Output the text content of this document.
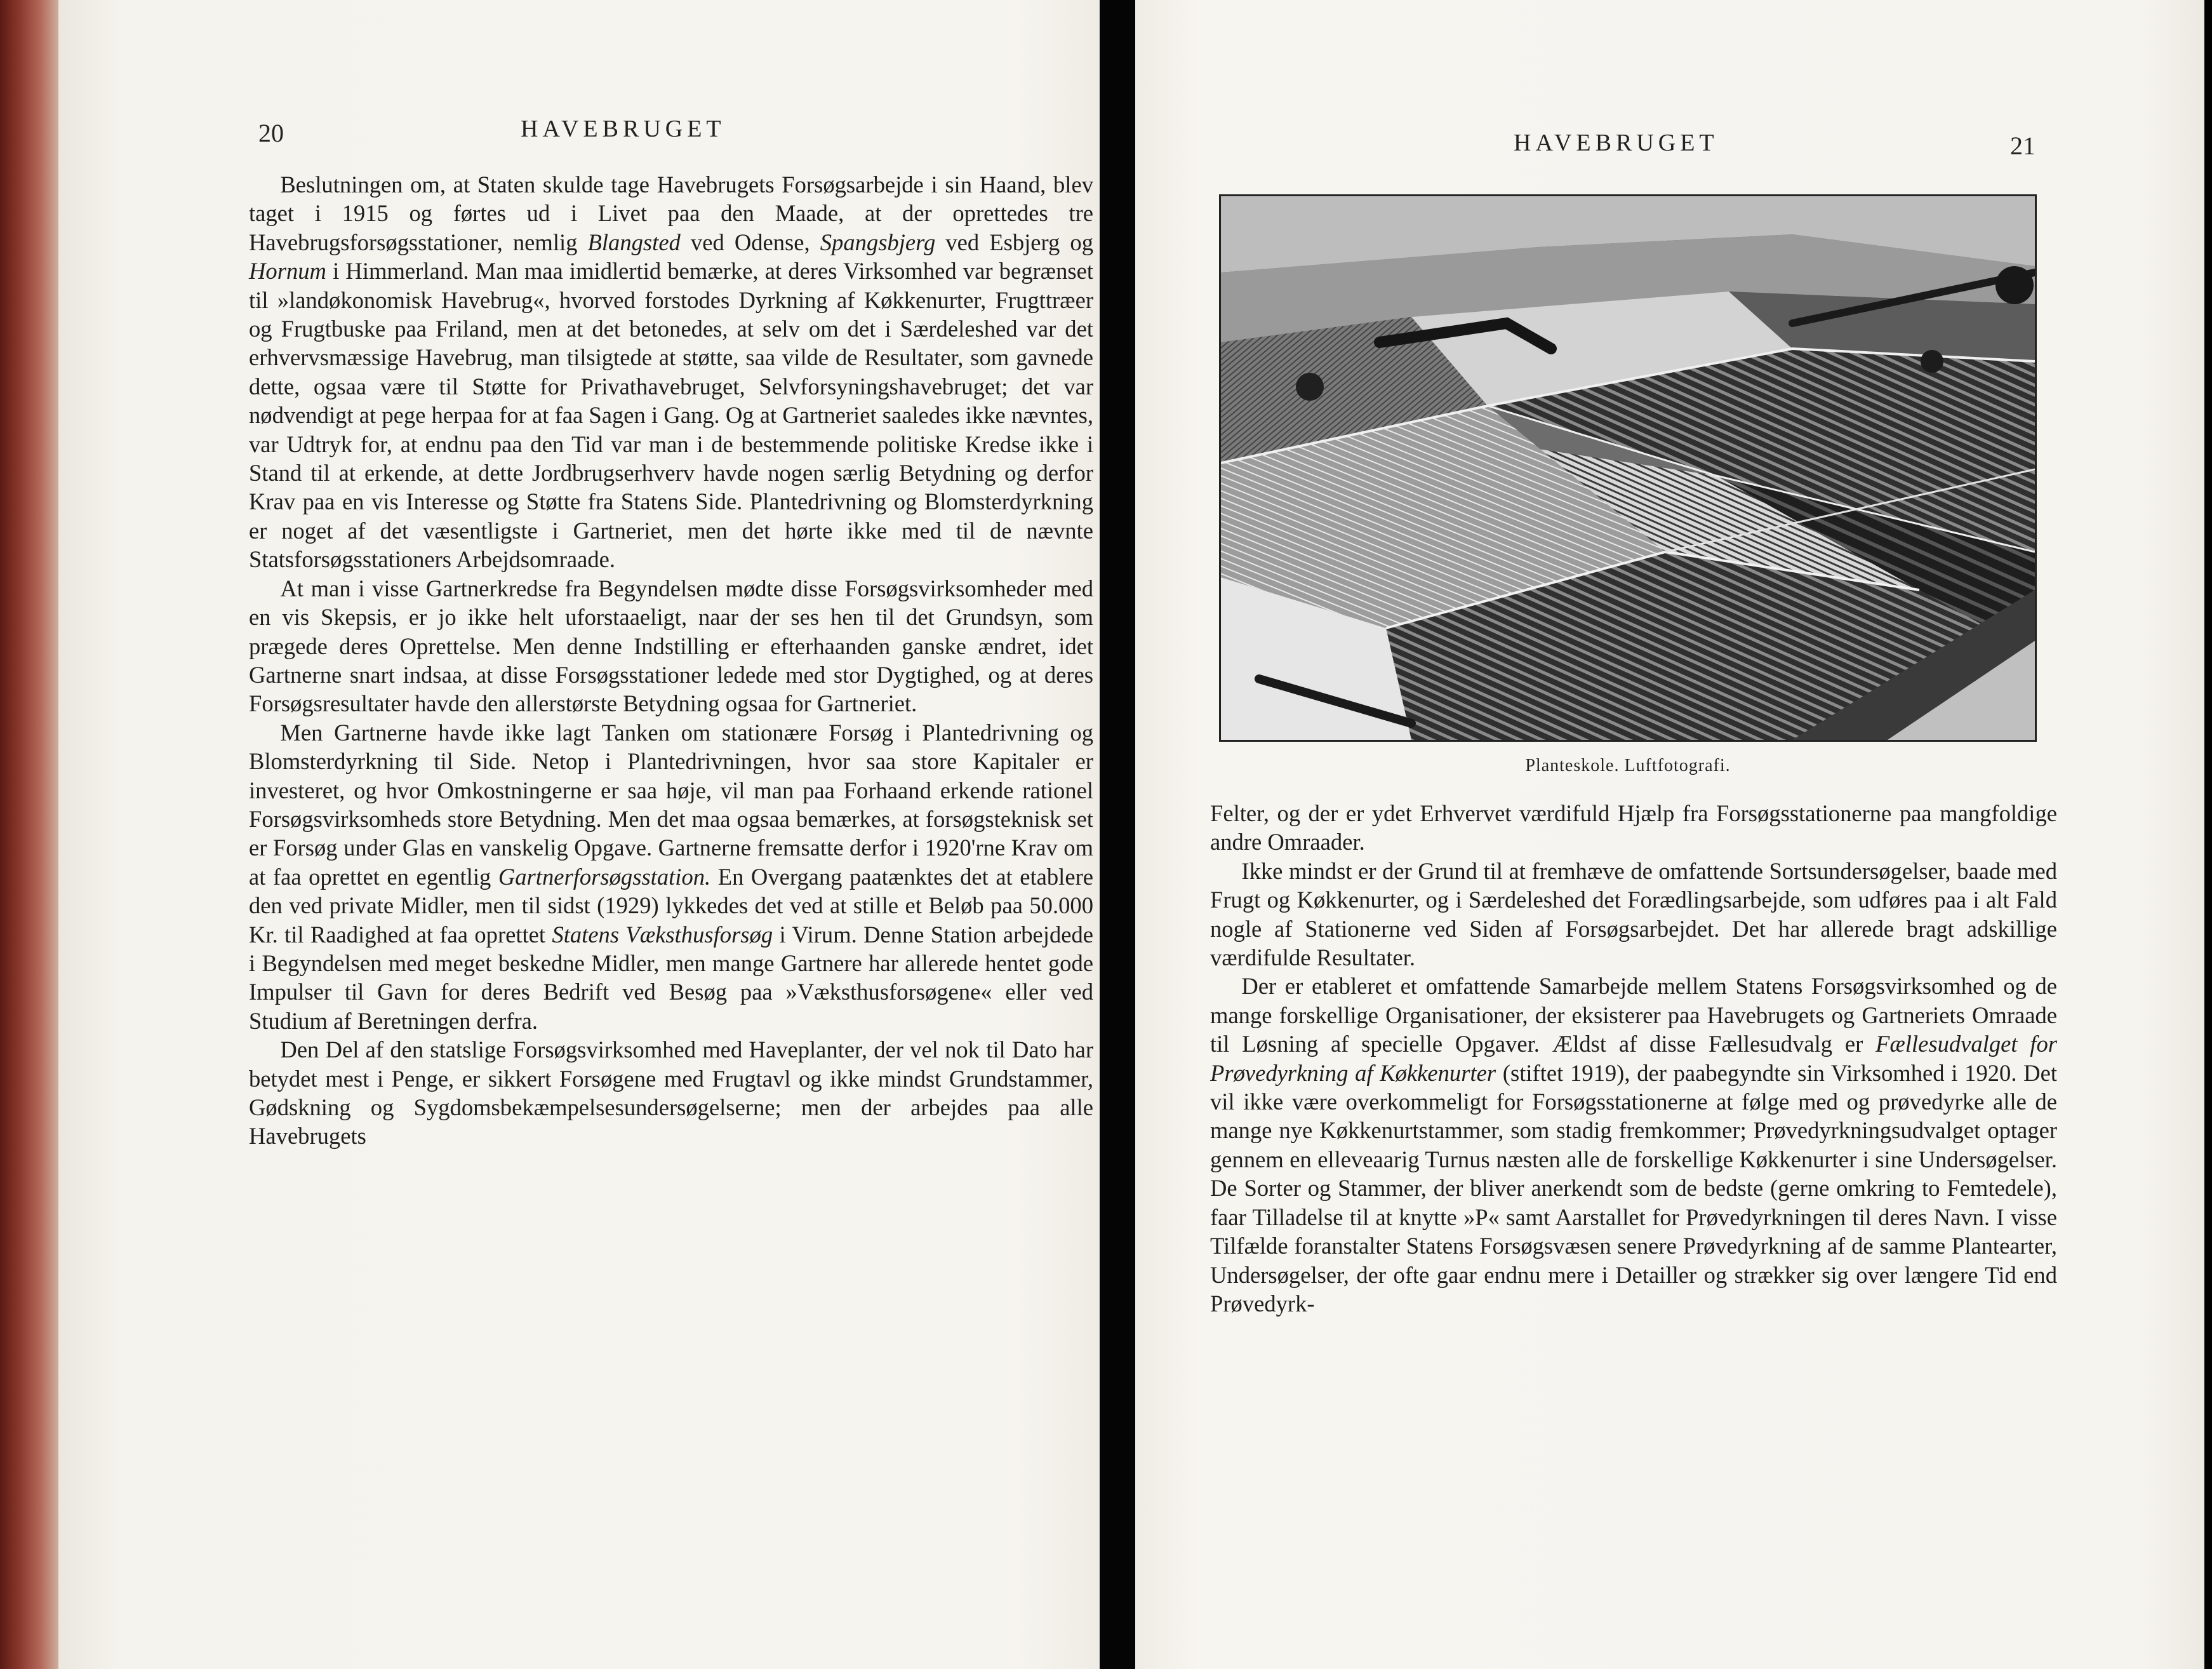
20	HAVEBRUGET

Beslutningen om, at Staten skulde tage Havebrugets Forsøgsarbejde i sin Haand, blev taget i 1915 og førtes ud i Livet paa den Maade, at der oprettedes tre Havebrugsforsøgsstationer, nemlig Blangsted ved Odense, Spangsbjerg ved Esbjerg og Hornum i Himmerland. Man maa imidlertid bemærke, at deres Virksomhed var begrænset til »landøkonomisk Havebrug«, hvorved forstodes Dyrkning af Køkkenurter, Frugttræer og Frugtbuske paa Friland, men at det betonedes, at selv om det i Særdeleshed var det erhvervsmæssige Havebrug, man tilsigtede at støtte, saa vilde de Resultater, som gavnede dette, ogsaa være til Støtte for Privathavebruget, Selvforsyningshavebruget; det var nødvendigt at pege herpaa for at faa Sagen i Gang. Og at Gartneriet saaledes ikke nævntes, var Udtryk for, at endnu paa den Tid var man i de bestemmende politiske Kredse ikke i Stand til at erkende, at dette Jordbrugserhverv havde nogen særlig Betydning og derfor Krav paa en vis Interesse og Støtte fra Statens Side. Plantedrivning og Blomsterdyrkning er noget af det væsentligste i Gartneriet, men det hørte ikke med til de nævnte Statsforsøgsstationers Arbejdsomraade.

At man i visse Gartnerkredse fra Begyndelsen mødte disse Forsøgsvirksomheder med en vis Skepsis, er jo ikke helt uforstaaeligt, naar der ses hen til det Grundsyn, som prægede deres Oprettelse. Men denne Indstilling er efterhaanden ganske ændret, idet Gartnerne snart indsaa, at disse Forsøgsstationer ledede med stor Dygtighed, og at deres Forsøgsresultater havde den allerstørste Betydning ogsaa for Gartneriet.

Men Gartnerne havde ikke lagt Tanken om stationære Forsøg i Plantedrivning og Blomsterdyrkning til Side. Netop i Plantedrivningen, hvor saa store Kapitaler er investeret, og hvor Omkostningerne er saa høje, vil man paa Forhaand erkende rationel Forsøgsvirksomheds store Betydning. Men det maa ogsaa bemærkes, at forsøgsteknisk set er Forsøg under Glas en vanskelig Opgave. Gartnerne fremsatte derfor i 1920'rne Krav om at faa oprettet en egentlig Gartnerforsøgsstation. En Overgang paatænktes det at etablere den ved private Midler, men til sidst (1929) lykkedes det ved at stille et Beløb paa 50.000 Kr. til Raadighed at faa oprettet Statens Væksthusforsøg i Virum. Denne Station arbejdede i Begyndelsen med meget beskedne Midler, men mange Gartnere har allerede hentet gode Impulser til Gavn for deres Bedrift ved Besøg paa »Væksthusforsøgene« eller ved Studium af Beretningen derfra.

Den Del af den statslige Forsøgsvirksomhed med Haveplanter, der vel nok til Dato har betydet mest i Penge, er sikkert Forsøgene med Frugtavl og ikke mindst Grundstammer, Gødskning og Sygdomsbekæmpelsesundersøgelserne; men der arbejdes paa alle Havebrugets

HAVEBRUGET	21
Planteskole. Luftfotografi.

Felter, og der er ydet Erhvervet værdifuld Hjælp fra Forsøgsstationerne paa mangfoldige andre Omraader.

Ikke mindst er der Grund til at fremhæve de omfattende Sortsundersøgelser, baade med Frugt og Køkkenurter, og i Særdeleshed det Forædlingsarbejde, som udføres paa i alt Fald nogle af Stationerne ved Siden af Forsøgsarbejdet. Det har allerede bragt adskillige værdifulde Resultater.

Der er etableret et omfattende Samarbejde mellem Statens Forsøgsvirksomhed og de mange forskellige Organisationer, der eksisterer paa Havebrugets og Gartneriets Omraade til Løsning af specielle Opgaver. Ældst af disse Fællesudvalg er Fællesudvalget for Prøvedyrkning af Køkkenurter (stiftet 1919), der paabegyndte sin Virksomhed i 1920. Det vil ikke være overkommeligt for Forsøgsstationerne at følge med og prøvedyrke alle de mange nye Køkkenurtstammer, som stadig fremkommer; Prøvedyrkningsudvalget optager gennem en elleveaarig Turnus næsten alle de forskellige Køkkenurter i sine Undersøgelser. De Sorter og Stammer, der bliver anerkendt som de bedste (gerne omkring to Femtedele), faar Tilladelse til at knytte »P« samt Aarstallet for Prøvedyrkningen til deres Navn. I visse Tilfælde foranstalter Statens Forsøgsvæsen senere Prøvedyrkning af de samme Plantearter, Undersøgelser, der ofte gaar endnu mere i Detailler og strækker sig over længere Tid end Prøvedyrk-
